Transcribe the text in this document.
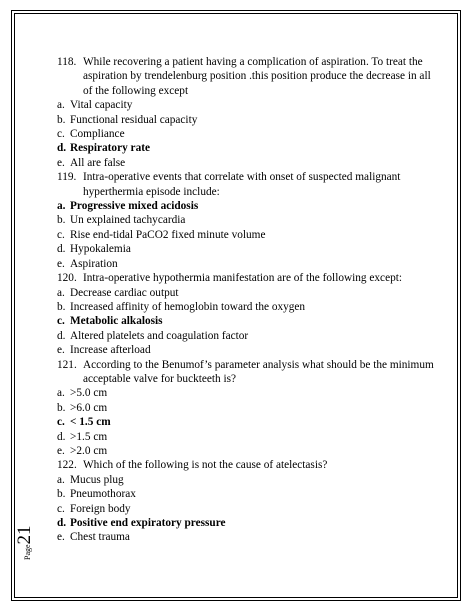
118. While recovering a patient having a complication of aspiration. To treat the aspiration by trendelenburg position .this position produce the decrease in all of the following except
a. Vital capacity
b. Functional residual capacity
c. Compliance
d. Respiratory rate
e. All are false
119. Intra-operative events that correlate with onset of suspected malignant hyperthermia episode include:
a. Progressive mixed acidosis
b. Un explained tachycardia
c. Rise end-tidal PaCO2 fixed minute volume
d. Hypokalemia
e. Aspiration
120. Intra-operative hypothermia manifestation are of the following except:
a. Decrease cardiac output
b. Increased affinity of hemoglobin toward the oxygen
c. Metabolic alkalosis
d. Altered platelets and coagulation factor
e. Increase afterload
121. According to the Benumof’s parameter analysis what should be the minimum acceptable valve for buckteeth is?
a. >5.0 cm
b. >6.0 cm
c. < 1.5 cm
d. >1.5 cm
e. >2.0 cm
122. Which of the following is not the cause of atelectasis?
a. Mucus plug
b. Pneumothorax
c. Foreign body
d. Positive end expiratory pressure
e. Chest trauma
Page21
